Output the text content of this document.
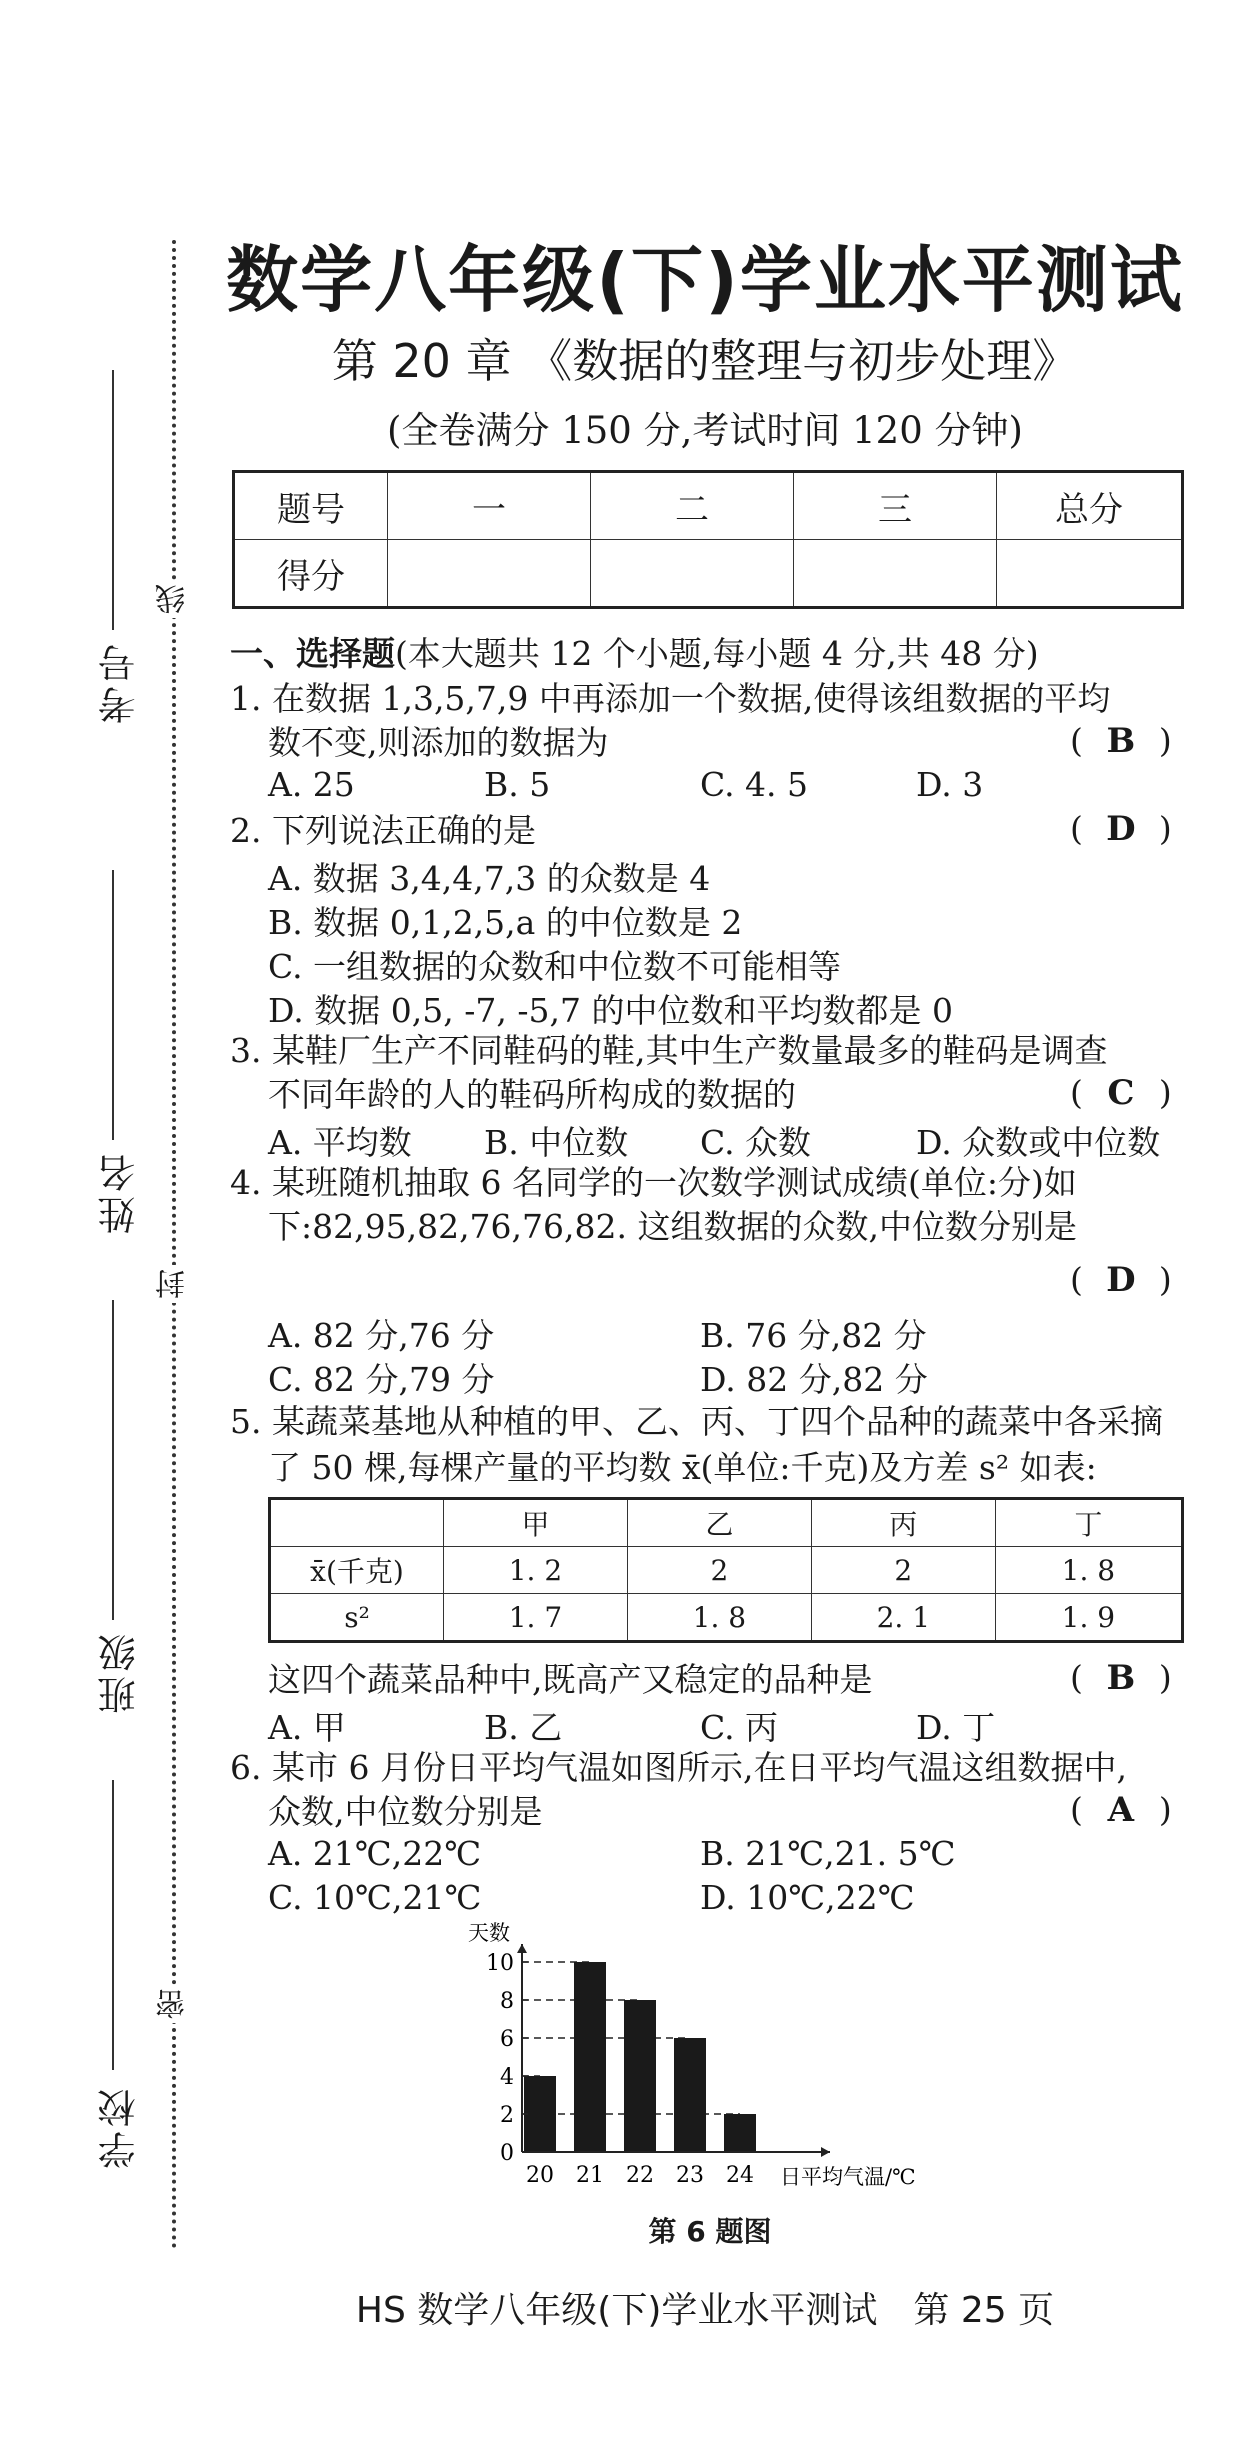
考号
姓名
班级
学校
线
封
密
数学八年级(下)学业水平测试
第 20 章 《数据的整理与初步处理》
(全卷满分 150 分,考试时间 120 分钟)
题号	一	二	三	总分
得分				
一、选择题(本大题共 12 个小题,每小题 4 分,共 48 分)
1. 在数据 1,3,5,7,9 中再添加一个数据,使得该组数据的平均
数不变,则添加的数据为	( B )
A. 25	B. 5	C. 4. 5	D. 3
2. 下列说法正确的是	( D )
A. 数据 3,4,4,7,3 的众数是 4
B. 数据 0,1,2,5,a 的中位数是 2
C. 一组数据的众数和中位数不可能相等
D. 数据 0,5, -7, -5,7 的中位数和平均数都是 0
3. 某鞋厂生产不同鞋码的鞋,其中生产数量最多的鞋码是调查
不同年龄的人的鞋码所构成的数据的	( C )
A. 平均数 B. 中位数 C. 众数	D. 众数或中位数
4. 某班随机抽取 6 名同学的一次数学测试成绩(单位:分)如
下:82,95,82,76,76,82. 这组数据的众数,中位数分别是
( D )
A. 82 分,76 分	B. 76 分,82 分
C. 82 分,79 分	D. 82 分,82 分
5. 某蔬菜基地从种植的甲、乙、丙、丁四个品种的蔬菜中各采摘
了 50 棵,每棵产量的平均数 x̄(单位:千克)及方差 s² 如表:
	甲	乙	丙	丁
x̄(千克)	1. 2	2	2	1. 8
s²	1. 7	1. 8	2. 1	1. 9
这四个蔬菜品种中,既高产又稳定的品种是	( B )
A. 甲	B. 乙	C. 丙	D. 丁
6. 某市 6 月份日平均气温如图所示,在日平均气温这组数据中,
众数,中位数分别是	( A )
A. 21℃,22℃	B. 21℃,21. 5℃
C. 10℃,21℃	D. 10℃,22℃
20 21 22 23 24
0
2
4
6
8
10
天数
日平均气温/℃
第 6 题图
HS 数学八年级(下)学业水平测试　第 25 页
